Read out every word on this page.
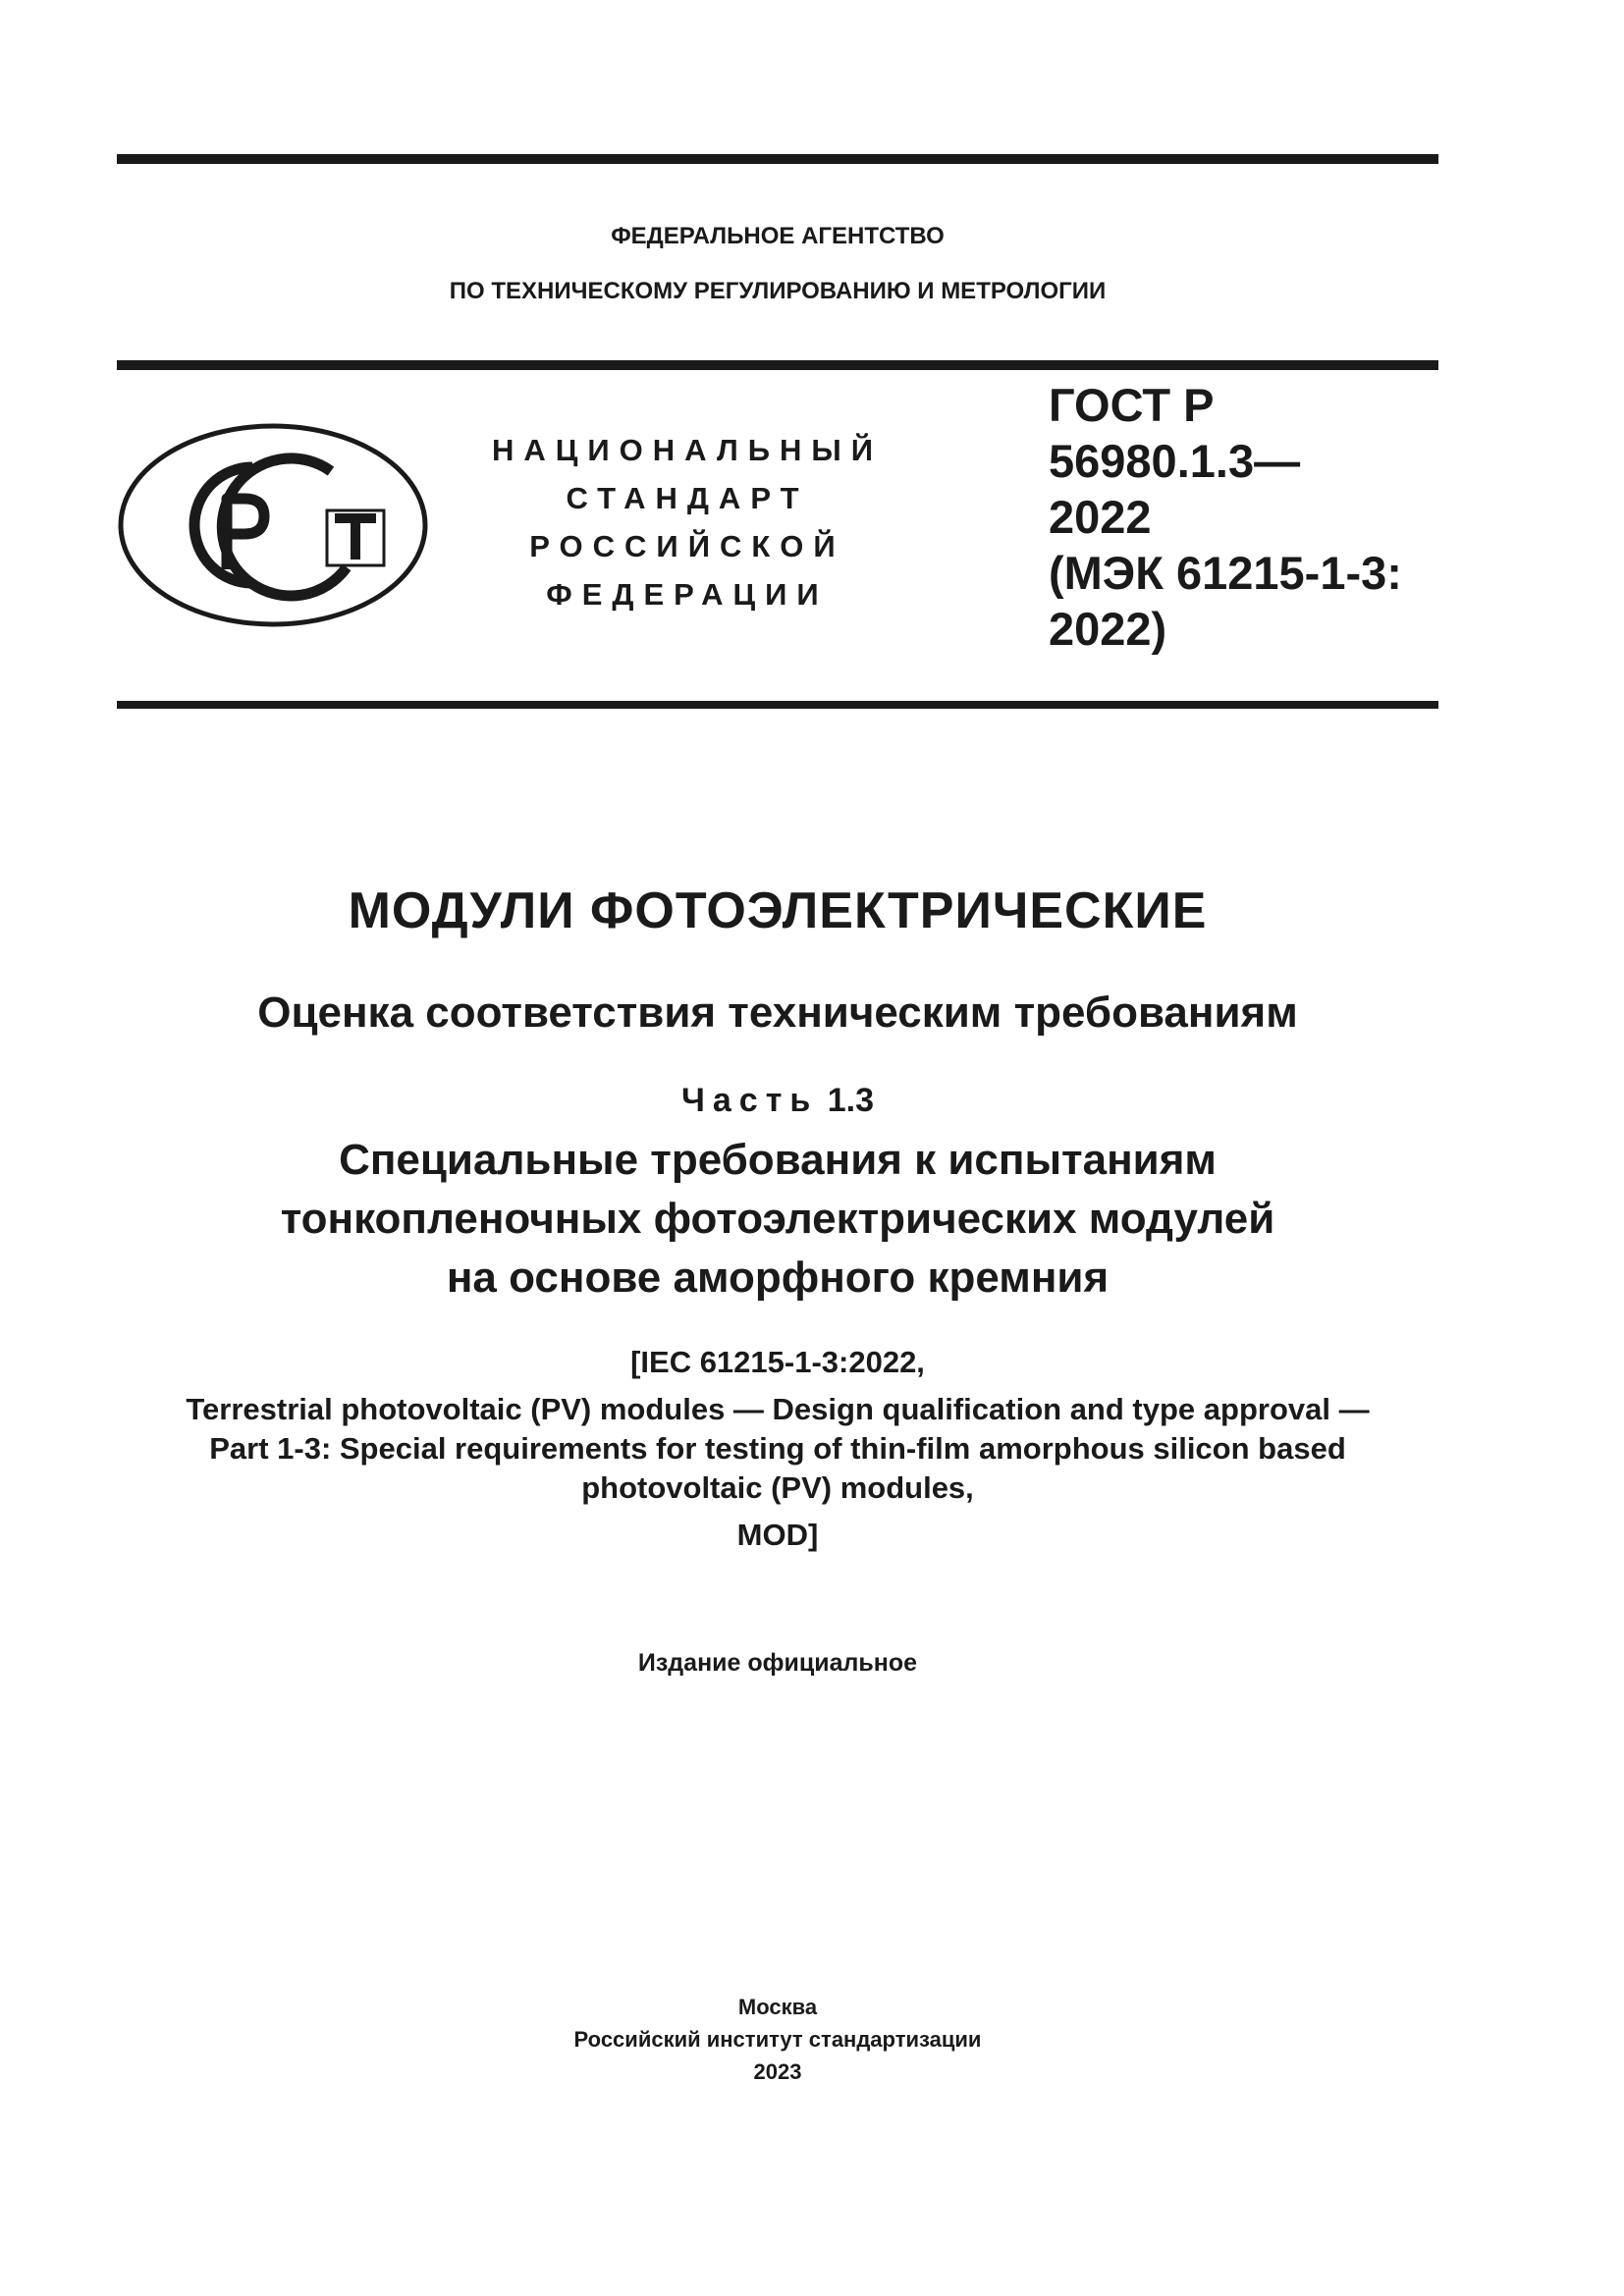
ФЕДЕРАЛЬНОЕ АГЕНТСТВО
ПО ТЕХНИЧЕСКОМУ РЕГУЛИРОВАНИЮ И МЕТРОЛОГИИ
НАЦИОНАЛЬНЫЙ
СТАНДАРТ
РОССИЙСКОЙ
ФЕДЕРАЦИИ
ГОСТ Р
56980.1.3—
2022
(МЭК 61215-1-3:
2022)
МОДУЛИ ФОТОЭЛЕКТРИЧЕСКИЕ
Оценка соответствия техническим требованиям
Часть 1.3
Специальные требования к испытаниям
тонкопленочных фотоэлектрических модулей
на основе аморфного кремния
[IEC 61215-1-3:2022,
Terrestrial photovoltaic (PV) modules — Design qualification and type approval —
Part 1-3: Special requirements for testing of thin-film amorphous silicon based
photovoltaic (PV) modules,
MOD]
Издание официальное
Москва
Российский институт стандартизации
2023
